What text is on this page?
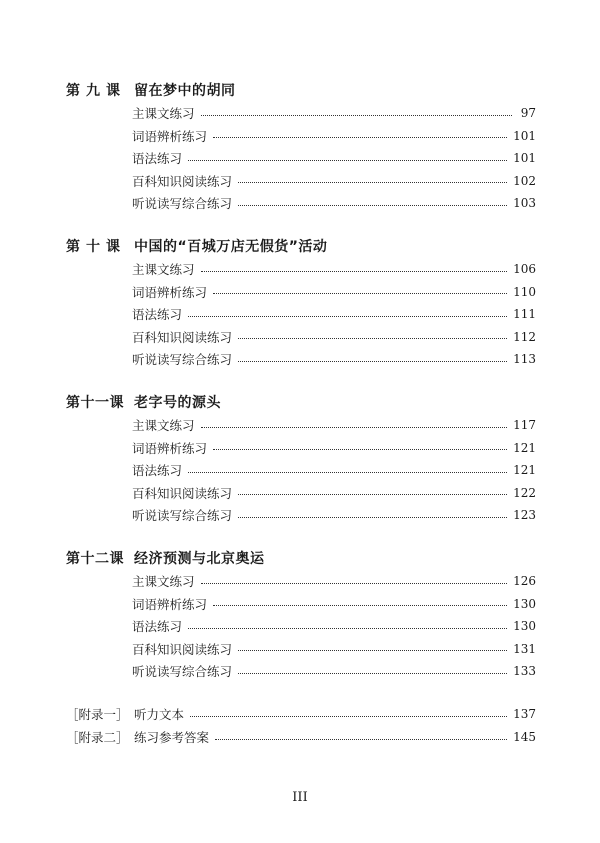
第九课 留在梦中的胡同
主课文练习	97
词语辨析练习	101
语法练习	101
百科知识阅读练习	102
听说读写综合练习	103
第十课 中国的“百城万店无假货”活动
主课文练习	106
词语辨析练习	110
语法练习	111
百科知识阅读练习	112
听说读写综合练习	113
第十一课 老字号的源头
主课文练习	117
词语辨析练习	121
语法练习	121
百科知识阅读练习	122
听说读写综合练习	123
第十二课 经济预测与北京奥运
主课文练习	126
词语辨析练习	130
语法练习	130
百科知识阅读练习	131
听说读写综合练习	133
［附录一］ 听力文本	137
［附录二］ 练习参考答案	145
III
